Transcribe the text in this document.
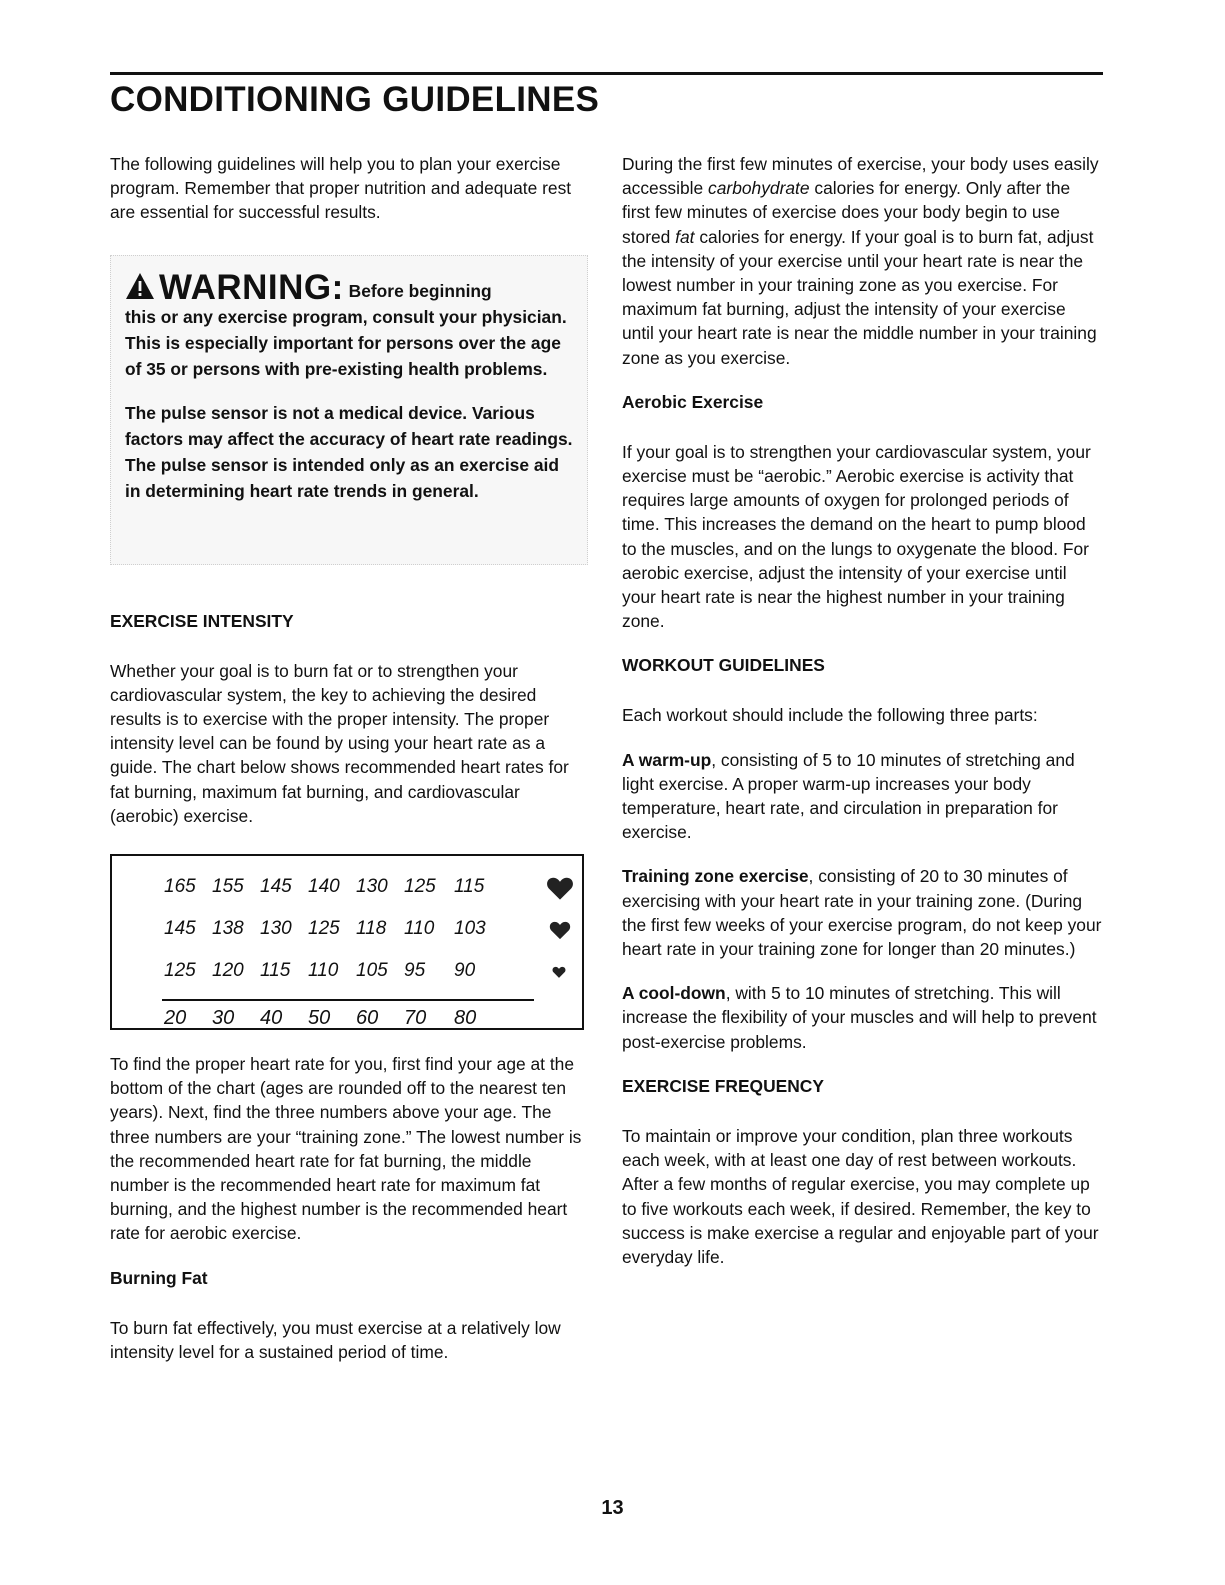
CONDITIONING GUIDELINES

The following guidelines will help you to plan your exercise program. Remember that proper nutrition and adequate rest are essential for successful results.

WARNING: Before beginning
this or any exercise program, consult your physician. This is especially important for persons over the age of 35 or persons with pre-existing health problems.
The pulse sensor is not a medical device. Various factors may affect the accuracy of heart rate readings. The pulse sensor is intended only as an exercise aid in determining heart rate trends in general.
EXERCISE INTENSITY

Whether your goal is to burn fat or to strengthen your cardiovascular system, the key to achieving the desired results is to exercise with the proper intensity. The proper intensity level can be found by using your heart rate as a guide. The chart below shows recommended heart rates for fat burning, maximum fat burning, and cardiovascular (aerobic) exercise.

165 155 145 140 130 125 115
145 138 130 125 118 110 103
125 120 115 110 105 95 90
20 30 40 50 60 70 80

To find the proper heart rate for you, first find your age at the bottom of the chart (ages are rounded off to the nearest ten years). Next, find the three numbers above your age. The three numbers are your “training zone.” The lowest number is the recommended heart rate for fat burning, the middle number is the recommended heart rate for maximum fat burning, and the highest number is the recommended heart rate for aerobic exercise.

Burning Fat

To burn fat effectively, you must exercise at a relatively low intensity level for a sustained period of time.

During the first few minutes of exercise, your body uses easily accessible carbohydrate calories for energy. Only after the first few minutes of exercise does your body begin to use stored fat calories for energy. If your goal is to burn fat, adjust the intensity of your exercise until your heart rate is near the lowest number in your training zone as you exercise. For maximum fat burning, adjust the intensity of your exercise until your heart rate is near the middle number in your training zone as you exercise.

Aerobic Exercise

If your goal is to strengthen your cardiovascular system, your exercise must be “aerobic.” Aerobic exercise is activity that requires large amounts of oxygen for prolonged periods of time. This increases the demand on the heart to pump blood to the muscles, and on the lungs to oxygenate the blood. For aerobic exercise, adjust the intensity of your exercise until your heart rate is near the highest number in your training zone.

WORKOUT GUIDELINES

Each workout should include the following three parts:

A warm-up, consisting of 5 to 10 minutes of stretching and light exercise. A proper warm-up increases your body temperature, heart rate, and circulation in preparation for exercise.

Training zone exercise, consisting of 20 to 30 minutes of exercising with your heart rate in your training zone. (During the first few weeks of your exercise program, do not keep your heart rate in your training zone for longer than 20 minutes.)

A cool-down, with 5 to 10 minutes of stretching. This will increase the flexibility of your muscles and will help to prevent post-exercise problems.

EXERCISE FREQUENCY

To maintain or improve your condition, plan three workouts each week, with at least one day of rest between workouts. After a few months of regular exercise, you may complete up to five workouts each week, if desired. Remember, the key to success is make exercise a regular and enjoyable part of your everyday life.

13
